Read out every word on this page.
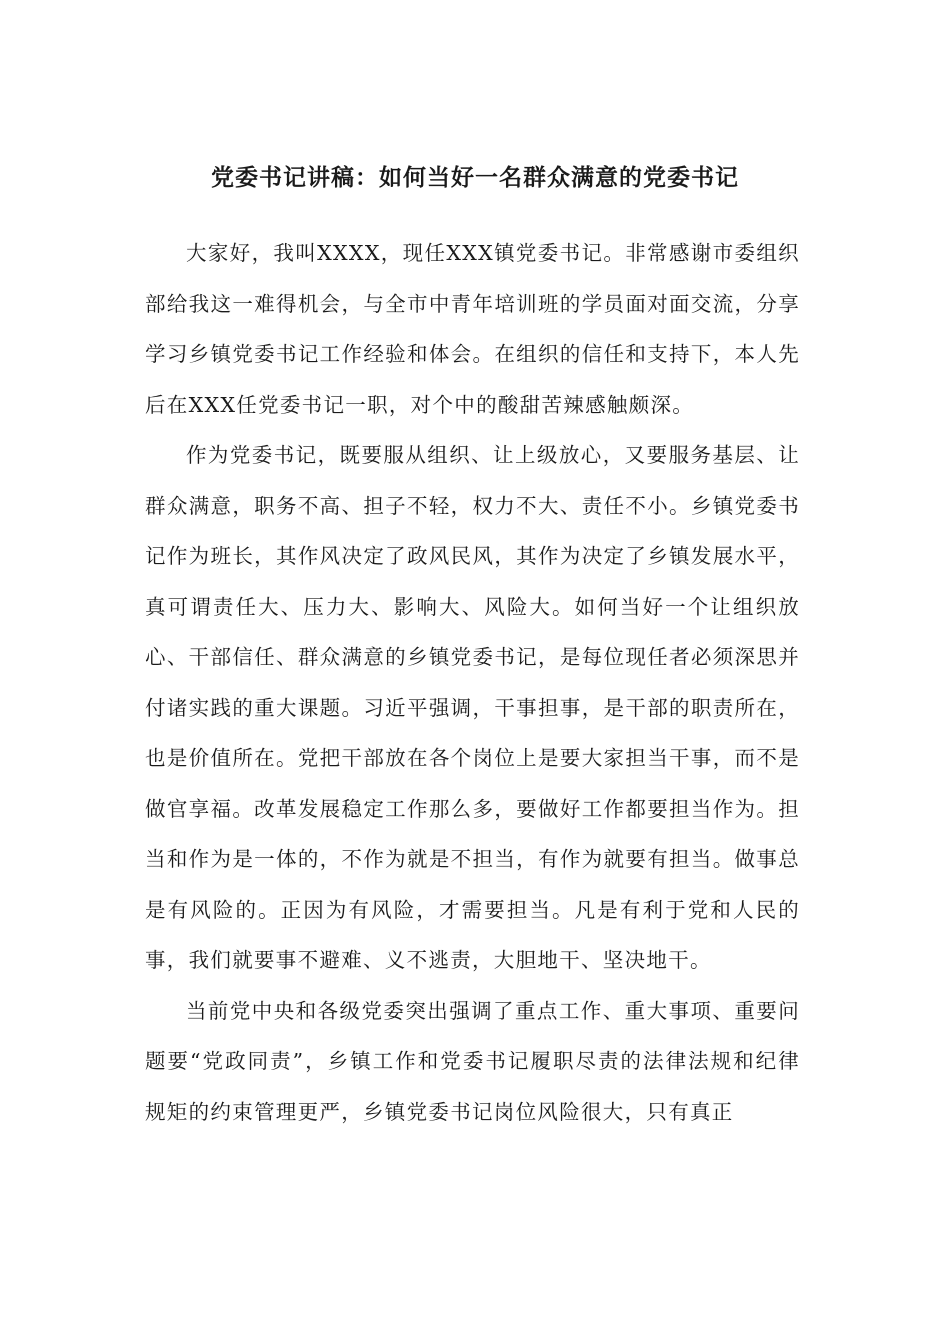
党委书记讲稿：如何当好一名群众满意的党委书记

大家好，我叫XXXX，现任XXX镇党委书记。非常感谢市委组织部给我这一难得机会，与全市中青年培训班的学员面对面交流，分享学习乡镇党委书记工作经验和体会。在组织的信任和支持下，本人先后在XXX任党委书记一职，对个中的酸甜苦辣感触颇深。

作为党委书记，既要服从组织、让上级放心，又要服务基层、让群众满意，职务不高、担子不轻，权力不大、责任不小。乡镇党委书记作为班长，其作风决定了政风民风，其作为决定了乡镇发展水平，真可谓责任大、压力大、影响大、风险大。如何当好一个让组织放心、干部信任、群众满意的乡镇党委书记，是每位现任者必须深思并付诸实践的重大课题。习近平强调，干事担事，是干部的职责所在，也是价值所在。党把干部放在各个岗位上是要大家担当干事，而不是做官享福。改革发展稳定工作那么多，要做好工作都要担当作为。担当和作为是一体的，不作为就是不担当，有作为就要有担当。做事总是有风险的。正因为有风险，才需要担当。凡是有利于党和人民的事，我们就要事不避难、义不逃责，大胆地干、坚决地干。

当前党中央和各级党委突出强调了重点工作、重大事项、重要问题要“党政同责”，乡镇工作和党委书记履职尽责的法律法规和纪律规矩的约束管理更严，乡镇党委书记岗位风险很大，只有真正
